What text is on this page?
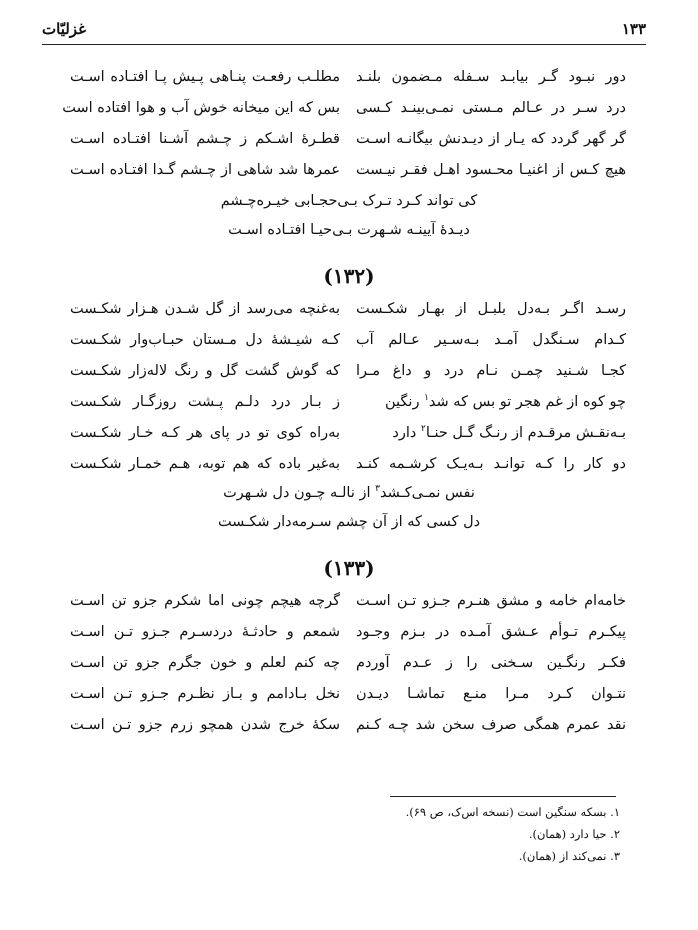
۱۳۳
غزلیّات
دور نبـود گـر بیابـد سـفله مـضمون بلنـد
مطلـب رفعـت پنـاهی پـیش پـا افتـاده اسـت
درد سـر در عـالم مـستی نمـی‌بینـد کـسی
بس که این میخانه خوش آب و هوا افتاده است
گر گهر گردد که یـار از دیـدنش بیگانـه اسـت
قطـرهٔ اشـکم ز چـشم آشـنا افتـاده اسـت
هیچ کـس از اغنیـا محـسود اهـل فقـر نیـست
عمرها شد شاهی از چـشم گـدا افتـاده اسـت
کی تواند کـرد تـرک بـی‌حجـابی خیـره‌چـشم
دیـدهٔ آیینـه شـهرت بـی‌حیـا افتـاده اسـت
(۱۳۲)
رسـد اگـر بـه‌دل بلبـل از بهـار شکـست
به‌غنچه می‌رسد از گل شـدن هـزار شکـست
کـدام سـنگدل آمـد بـه‌سـیر عـالم آب
کـه شیـشهٔ دل مـستان حبـاب‌وار شکـست
کجـا شـنید چمـن نـام درد و داغ مـرا
که گوش گشت گل و رنگ لاله‌زار شکـست
چو کوه از غم هجر تو بس که شد$^۱$ رنگین
ز بـار درد دلـم پـشت روزگـار شکـست
بـه‌نقـش مرقـدم از رنـگ گـل حنـا$^۲$ دارد
به‌راه کوی تو در پای هر کـه خـار شکـست
دو کار را کـه توانـد بـه‌یـک کرشـمه کنـد
به‌غیر باده که هم توبه، هـم خمـار شکـست
نفس نمـی‌کـشد$^۳$ از نالـه چـون دل شـهرت
دل کسی که از آن چشم سـرمه‌دار شکـست
(۱۳۳)
خامه‌ام خامه و مشق هنـرم جـزو تـن اسـت
گرچه هیچم چونی اما شکرم جزو تن اسـت
پیکـرم تـوأم عـشق آمـده در بـزم وجـود
شمعم و حادثـهٔ دردسـرم جـزو تـن اسـت
فکـر رنگـین سـخنی را ز عـدم آوردم
چه کنم لعلم و خون جگرم جزو تن اسـت
نتـوان کـرد مـرا منـع تماشـا دیـدن
نخل بـادامم و بـاز نظـرم جـزو تـن اسـت
نقد عمرم همگی صرف سخن شد چـه کـنم
سکهٔ خرج شدن همچو زرم جزو تـن اسـت
۱. بسکه سنگین است (نسخه اس‌ک، ص ۶۹).
۲. حیا دارد (همان).
۳. نمی‌کند از (همان).
